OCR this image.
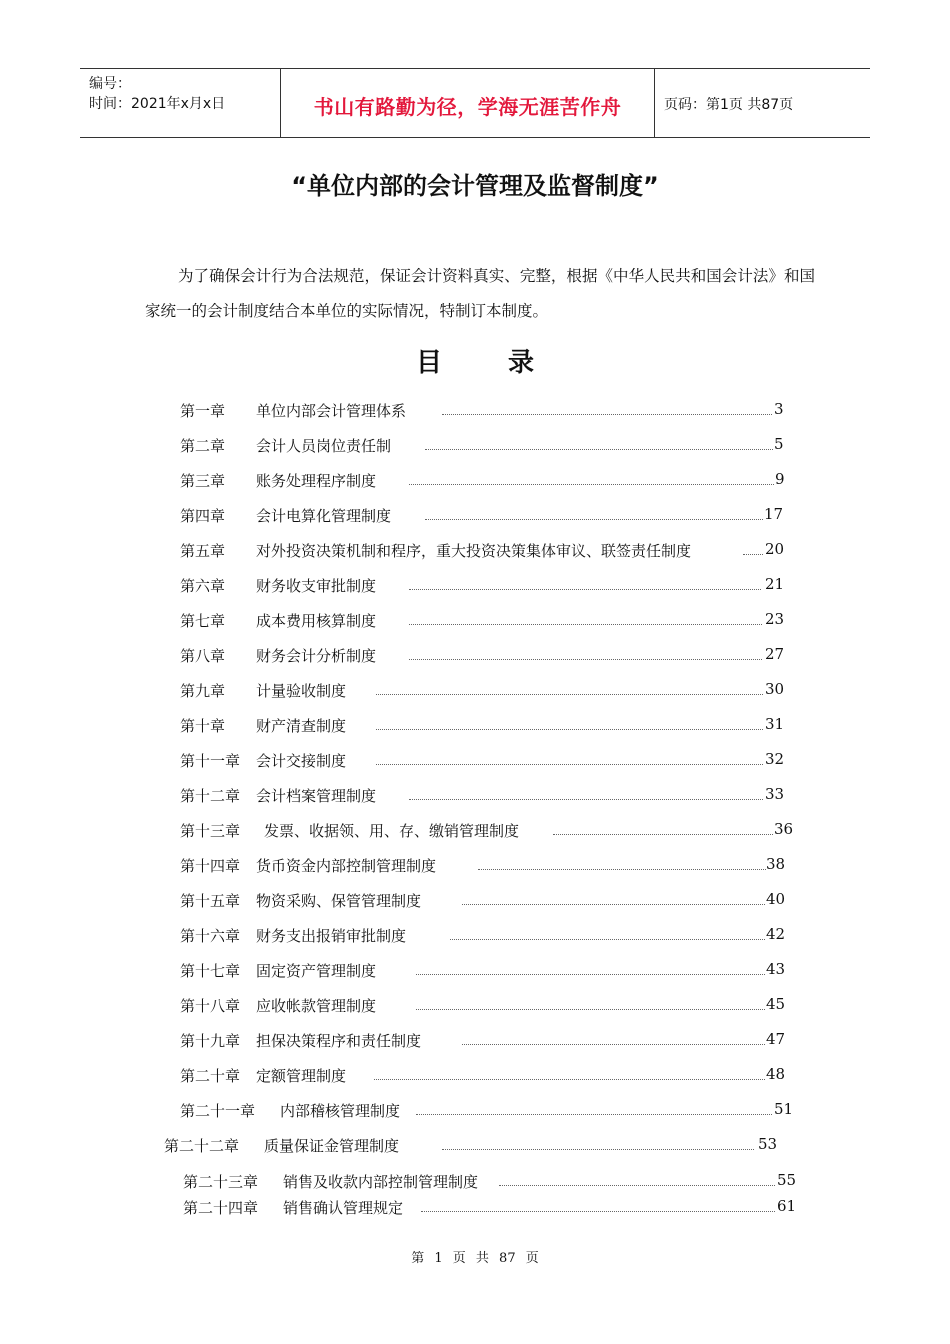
编号：
时间：2021年x月x日	书山有路勤为径，学海无涯苦作舟	页码：第1页 共87页
“单位内部的会计管理及监督制度”
为了确保会计行为合法规范，保证会计资料真实、完整，根据《中华人民共和国会计法》和国家统一的会计制度结合本单位的实际情况，特制订本制度。
目录
第一章 单位内部会计管理体系	3
第二章 会计人员岗位责任制	5
第三章 账务处理程序制度	9
第四章 会计电算化管理制度	17
第五章 对外投资决策机制和程序，重大投资决策集体审议、联签责任制度	20
第六章 财务收支审批制度	21
第七章 成本费用核算制度	23
第八章 财务会计分析制度	27
第九章 计量验收制度	30
第十章 财产清查制度	31
第十一章 会计交接制度	32
第十二章 会计档案管理制度	33
第十三章 发票、收据领、用、存、缴销管理制度	36
第十四章 货币资金内部控制管理制度	38
第十五章 物资采购、保管管理制度	40
第十六章 财务支出报销审批制度	42
第十七章 固定资产管理制度	43
第十八章 应收帐款管理制度	45
第十九章 担保决策程序和责任制度	47
第二十章 定额管理制度	48
第二十一章 内部稽核管理制度	51
第二十二章 质量保证金管理制度	53
第二十三章 销售及收款内部控制管理制度	55
第二十四章 销售确认管理规定	61
第 1 页 共 87 页
